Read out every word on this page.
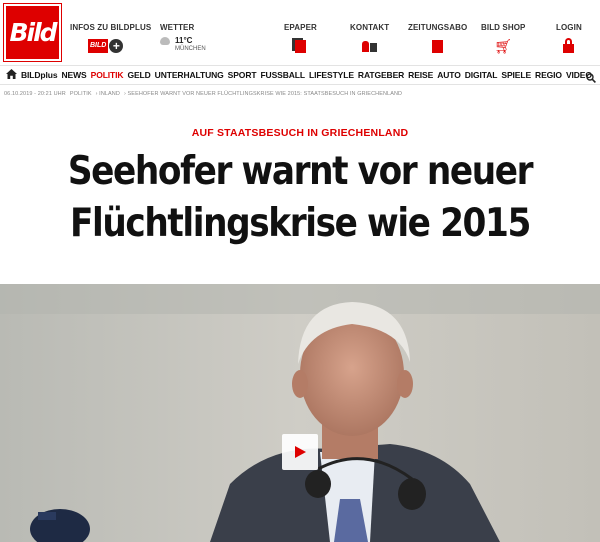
Bild	INFOS ZU BILDPLUS
BILD +
WETTER
11°C
MÜNCHEN
EPAPER	KONTAKT ZEITUNGSABO BILD SHOP
🛒︎
LOGIN
BILDplus NEWS POLITIK GELD UNTERHALTUNG SPORT FUSSBALL LIFESTYLE RATGEBER REISE AUTO DIGITAL SPIELE REGIO VIDEO
06.10.2019 - 20:21 UHR POLITIK › INLAND › SEEHOFER WARNT VOR NEUER FLÜCHTLINGSKRISE WIE 2015: STAATSBESUCH IN GRIECHENLAND
AUF STAATSBESUCH IN GRIECHENLAND
Seehofer warnt vor neuer
Flüchtlingskrise wie 2015
